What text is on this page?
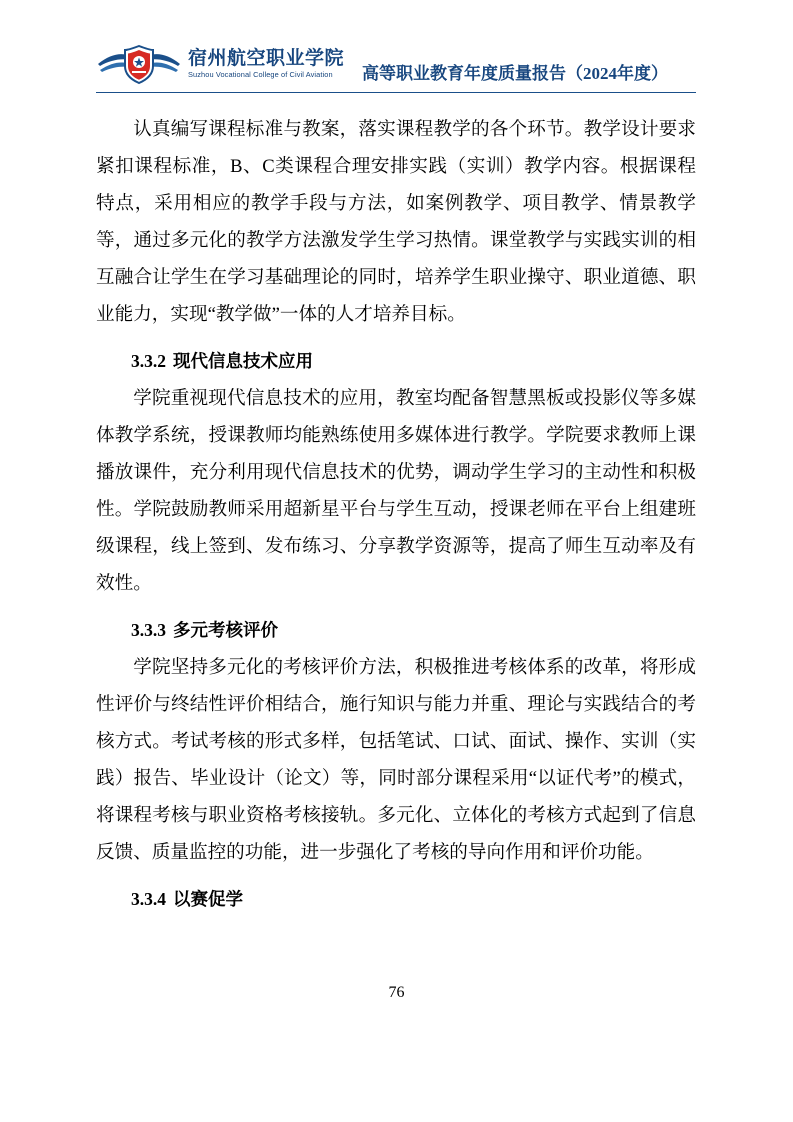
宿州航空职业学院
Suzhou Vocational College of Civil Aviation	高等职业教育年度质量报告（2024年度）

认真编写课程标准与教案，落实课程教学的各个环节。教学设计要求紧扣课程标准，B、C类课程合理安排实践（实训）教学内容。根据课程特点，采用相应的教学手段与方法，如案例教学、项目教学、情景教学等，通过多元化的教学方法激发学生学习热情。课堂教学与实践实训的相互融合让学生在学习基础理论的同时，培养学生职业操守、职业道德、职业能力，实现“教学做”一体的人才培养目标。

3.3.2 现代信息技术应用

学院重视现代信息技术的应用，教室均配备智慧黑板或投影仪等多媒体教学系统，授课教师均能熟练使用多媒体进行教学。学院要求教师上课播放课件，充分利用现代信息技术的优势，调动学生学习的主动性和积极性。学院鼓励教师采用超新星平台与学生互动，授课老师在平台上组建班级课程，线上签到、发布练习、分享教学资源等，提高了师生互动率及有效性。

3.3.3 多元考核评价

学院坚持多元化的考核评价方法，积极推进考核体系的改革，将形成性评价与终结性评价相结合，施行知识与能力并重、理论与实践结合的考核方式。考试考核的形式多样，包括笔试、口试、面试、操作、实训（实践）报告、毕业设计（论文）等，同时部分课程采用“以证代考”的模式，将课程考核与职业资格考核接轨。多元化、立体化的考核方式起到了信息反馈、质量监控的功能，进一步强化了考核的导向作用和评价功能。

3.3.4 以赛促学
76
